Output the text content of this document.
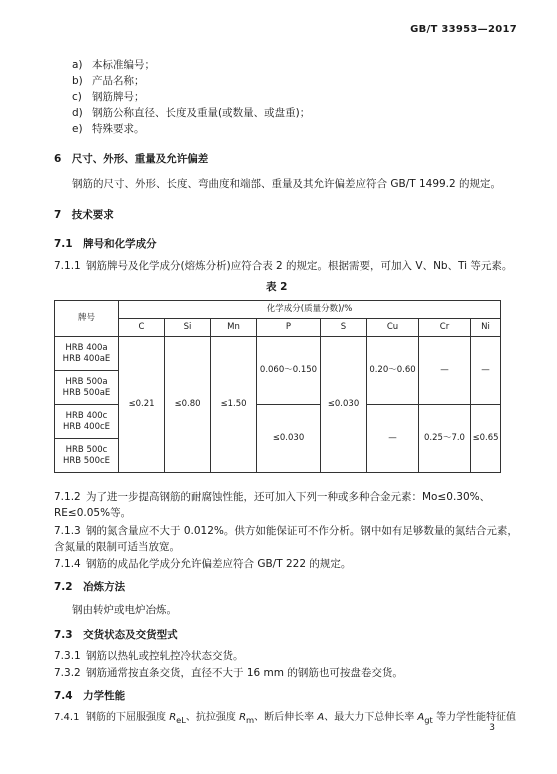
GB/T 33953—2017
a) 本标准编号；
b) 产品名称；
c) 钢筋牌号；
d) 钢筋公称直径、长度及重量(或数量、或盘重)；
e) 特殊要求。
6　尺寸、外形、重量及允许偏差
钢筋的尺寸、外形、长度、弯曲度和端部、重量及其允许偏差应符合 GB/T 1499.2 的规定。
7　技术要求
7.1　牌号和化学成分
7.1.1 钢筋牌号及化学成分(熔炼分析)应符合表 2 的规定。根据需要，可加入 V、Nb、Ti 等元素。
表 2
牌号	化学成分(质量分数)/%							
	C	Si	Mn	P	S	Cu	Cr	Ni

HRB 400a
HRB 400aE	≤0.21	≤0.80	≤1.50	0.060～0.150	≤0.030	0.20～0.60	—	—

HRB 500a
HRB 500aE								

HRB 400c
HRB 400cE				≤0.030		—	0.25～7.0	≤0.65

HRB 500c
HRB 500cE								
7.1.2 为了进一步提高钢筋的耐腐蚀性能，还可加入下列一种或多种合金元素：Mo≤0.30%、
RE≤0.05%等。
7.1.3 钢的氮含量应不大于 0.012%。供方如能保证可不作分析。钢中如有足够数量的氮结合元素，
含氮量的限制可适当放宽。
7.1.4 钢筋的成品化学成分允许偏差应符合 GB/T 222 的规定。
7.2　冶炼方法
钢由转炉或电炉冶炼。
7.3　交货状态及交货型式
7.3.1 钢筋以热轧或控轧控冷状态交货。
7.3.2 钢筋通常按直条交货，直径不大于 16 mm 的钢筋也可按盘卷交货。
7.4　力学性能
7.4.1 钢筋的下屈服强度 $R_{eL}$、抗拉强度 $R_m$、断后伸长率 A、最大力下总伸长率 $A_{gt}$ 等力学性能特征值
3
